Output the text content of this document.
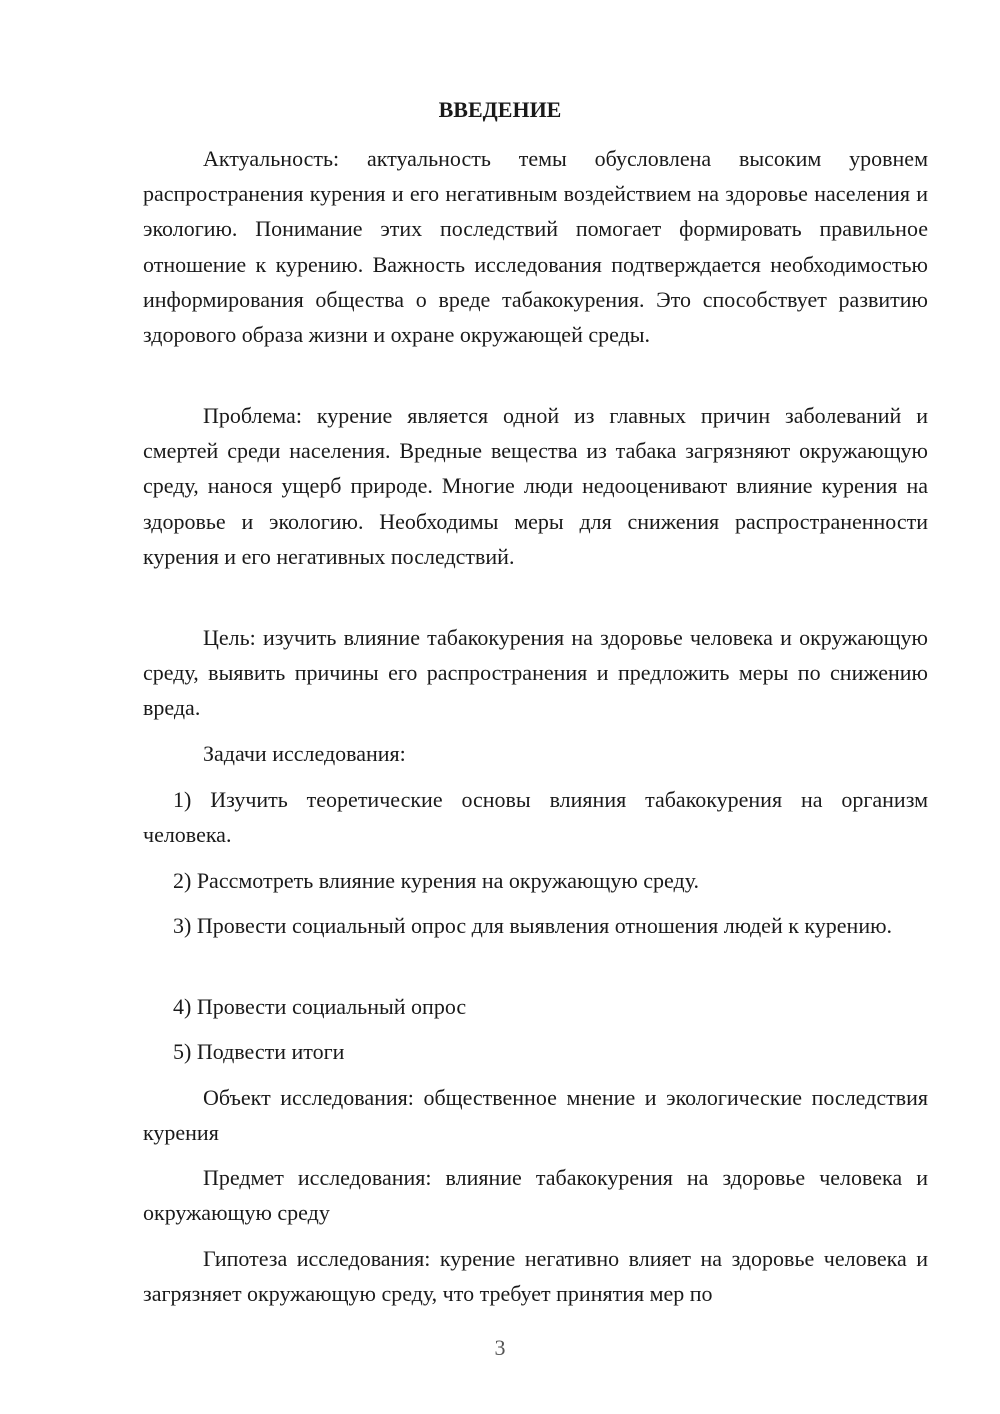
ВВЕДЕНИЕ

Актуальность: актуальность темы обусловлена высоким уровнем распространения курения и его негативным воздействием на здоровье населения и экологию. Понимание этих последствий помогает формировать правильное отношение к курению. Важность исследования подтверждается необходимостью информирования общества о вреде табакокурения. Это способствует развитию здорового образа жизни и охране окружающей среды.

Проблема: курение является одной из главных причин заболеваний и смертей среди населения. Вредные вещества из табака загрязняют окружающую среду, нанося ущерб природе. Многие люди недооценивают влияние курения на здоровье и экологию. Необходимы меры для снижения распространенности курения и его негативных последствий.

Цель: изучить влияние табакокурения на здоровье человека и окружающую среду, выявить причины его распространения и предложить меры по снижению вреда.

Задачи исследования:

1) Изучить теоретические основы влияния табакокурения на организм человека.

2) Рассмотреть влияние курения на окружающую среду.

3) Провести социальный опрос для выявления отношения людей к курению.

4) Провести социальный опрос

5) Подвести итоги

Объект исследования: общественное мнение и экологические последствия курения

Предмет исследования: влияние табакокурения на здоровье человека и окружающую среду

Гипотеза исследования: курение негативно влияет на здоровье человека и загрязняет окружающую среду, что требует принятия мер по

3
